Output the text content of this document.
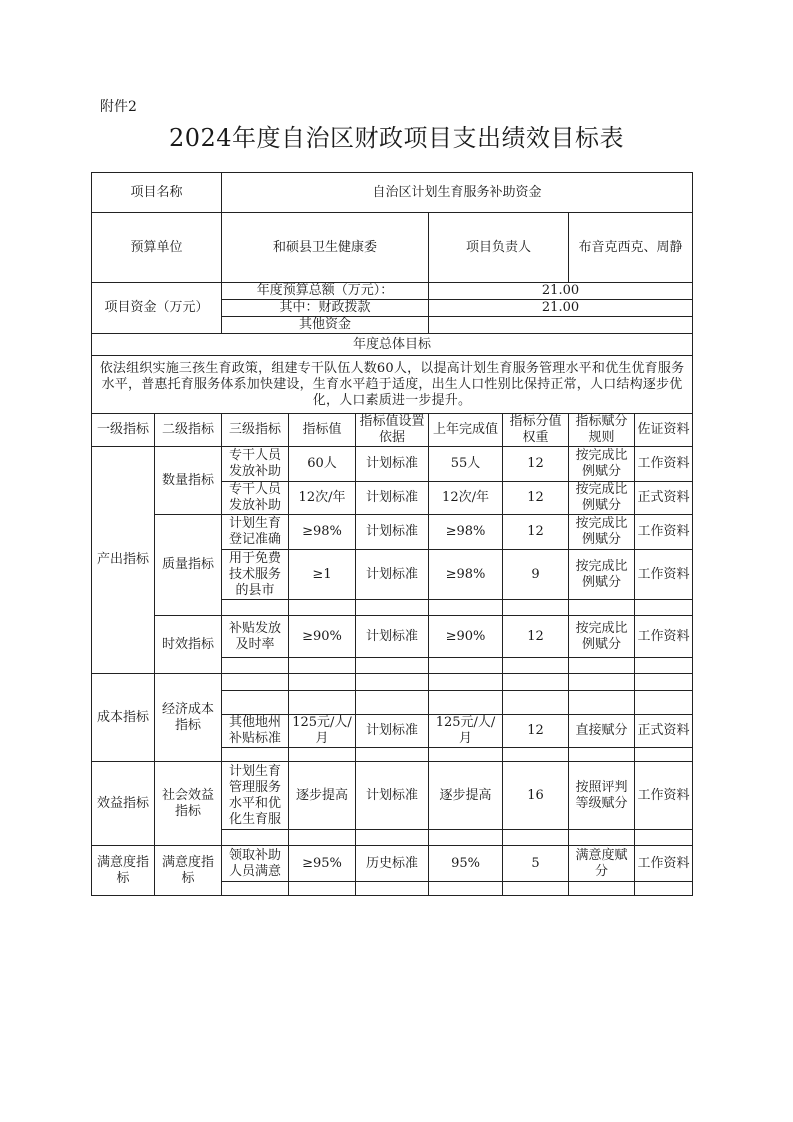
附件2
2024年度自治区财政项目支出绩效目标表
项目名称		自治区计划生育服务补助资金						
预算单位		和硕县卫生健康委			项目负责人		布音克西克、周静	
项目资金（万元）		年度预算总额（万元）：			21.00			
		其中：财政拨款			21.00			
		其他资金						
年度总体目标								
依法组织实施三孩生育政策，组建专干队伍人数60人，以提高计划生育服务管理水平和优生优育服务水平，普惠托育服务体系加快建设，生育水平趋于适度，出生人口性别比保持正常，人口结构逐步优化，人口素质进一步提升。								
一级指标	二级指标	三级指标	指标值	指标值设置依据	上年完成值	指标分值权重	指标赋分规则	佐证资料
产出指标	数量指标	专干人员发放补助	60人	计划标准	55人	12	按完成比例赋分	工作资料
		专干人员发放补助	12次/年	计划标准	12次/年	12	按完成比例赋分	正式资料
	质量指标	计划生育登记准确	≥98%	计划标准	≥98%	12	按完成比例赋分	工作资料
		用于免费技术服务的县市	≥1	计划标准	≥98%	9	按完成比例赋分	工作资料

	时效指标	补贴发放及时率	≥90%	计划标准	≥90%	12	按完成比例赋分	工作资料

成本指标	经济成本指标							

		其他地州补贴标准	125元/人/月	计划标准	125元/人/月	12	直接赋分	正式资料

效益指标	社会效益指标	计划生育管理服务水平和优化生育服	逐步提高	计划标准	逐步提高	16	按照评判等级赋分	工作资料

满意度指标	满意度指标	领取补助人员满意	≥95%	历史标准	95%	5	满意度赋分	工作资料
